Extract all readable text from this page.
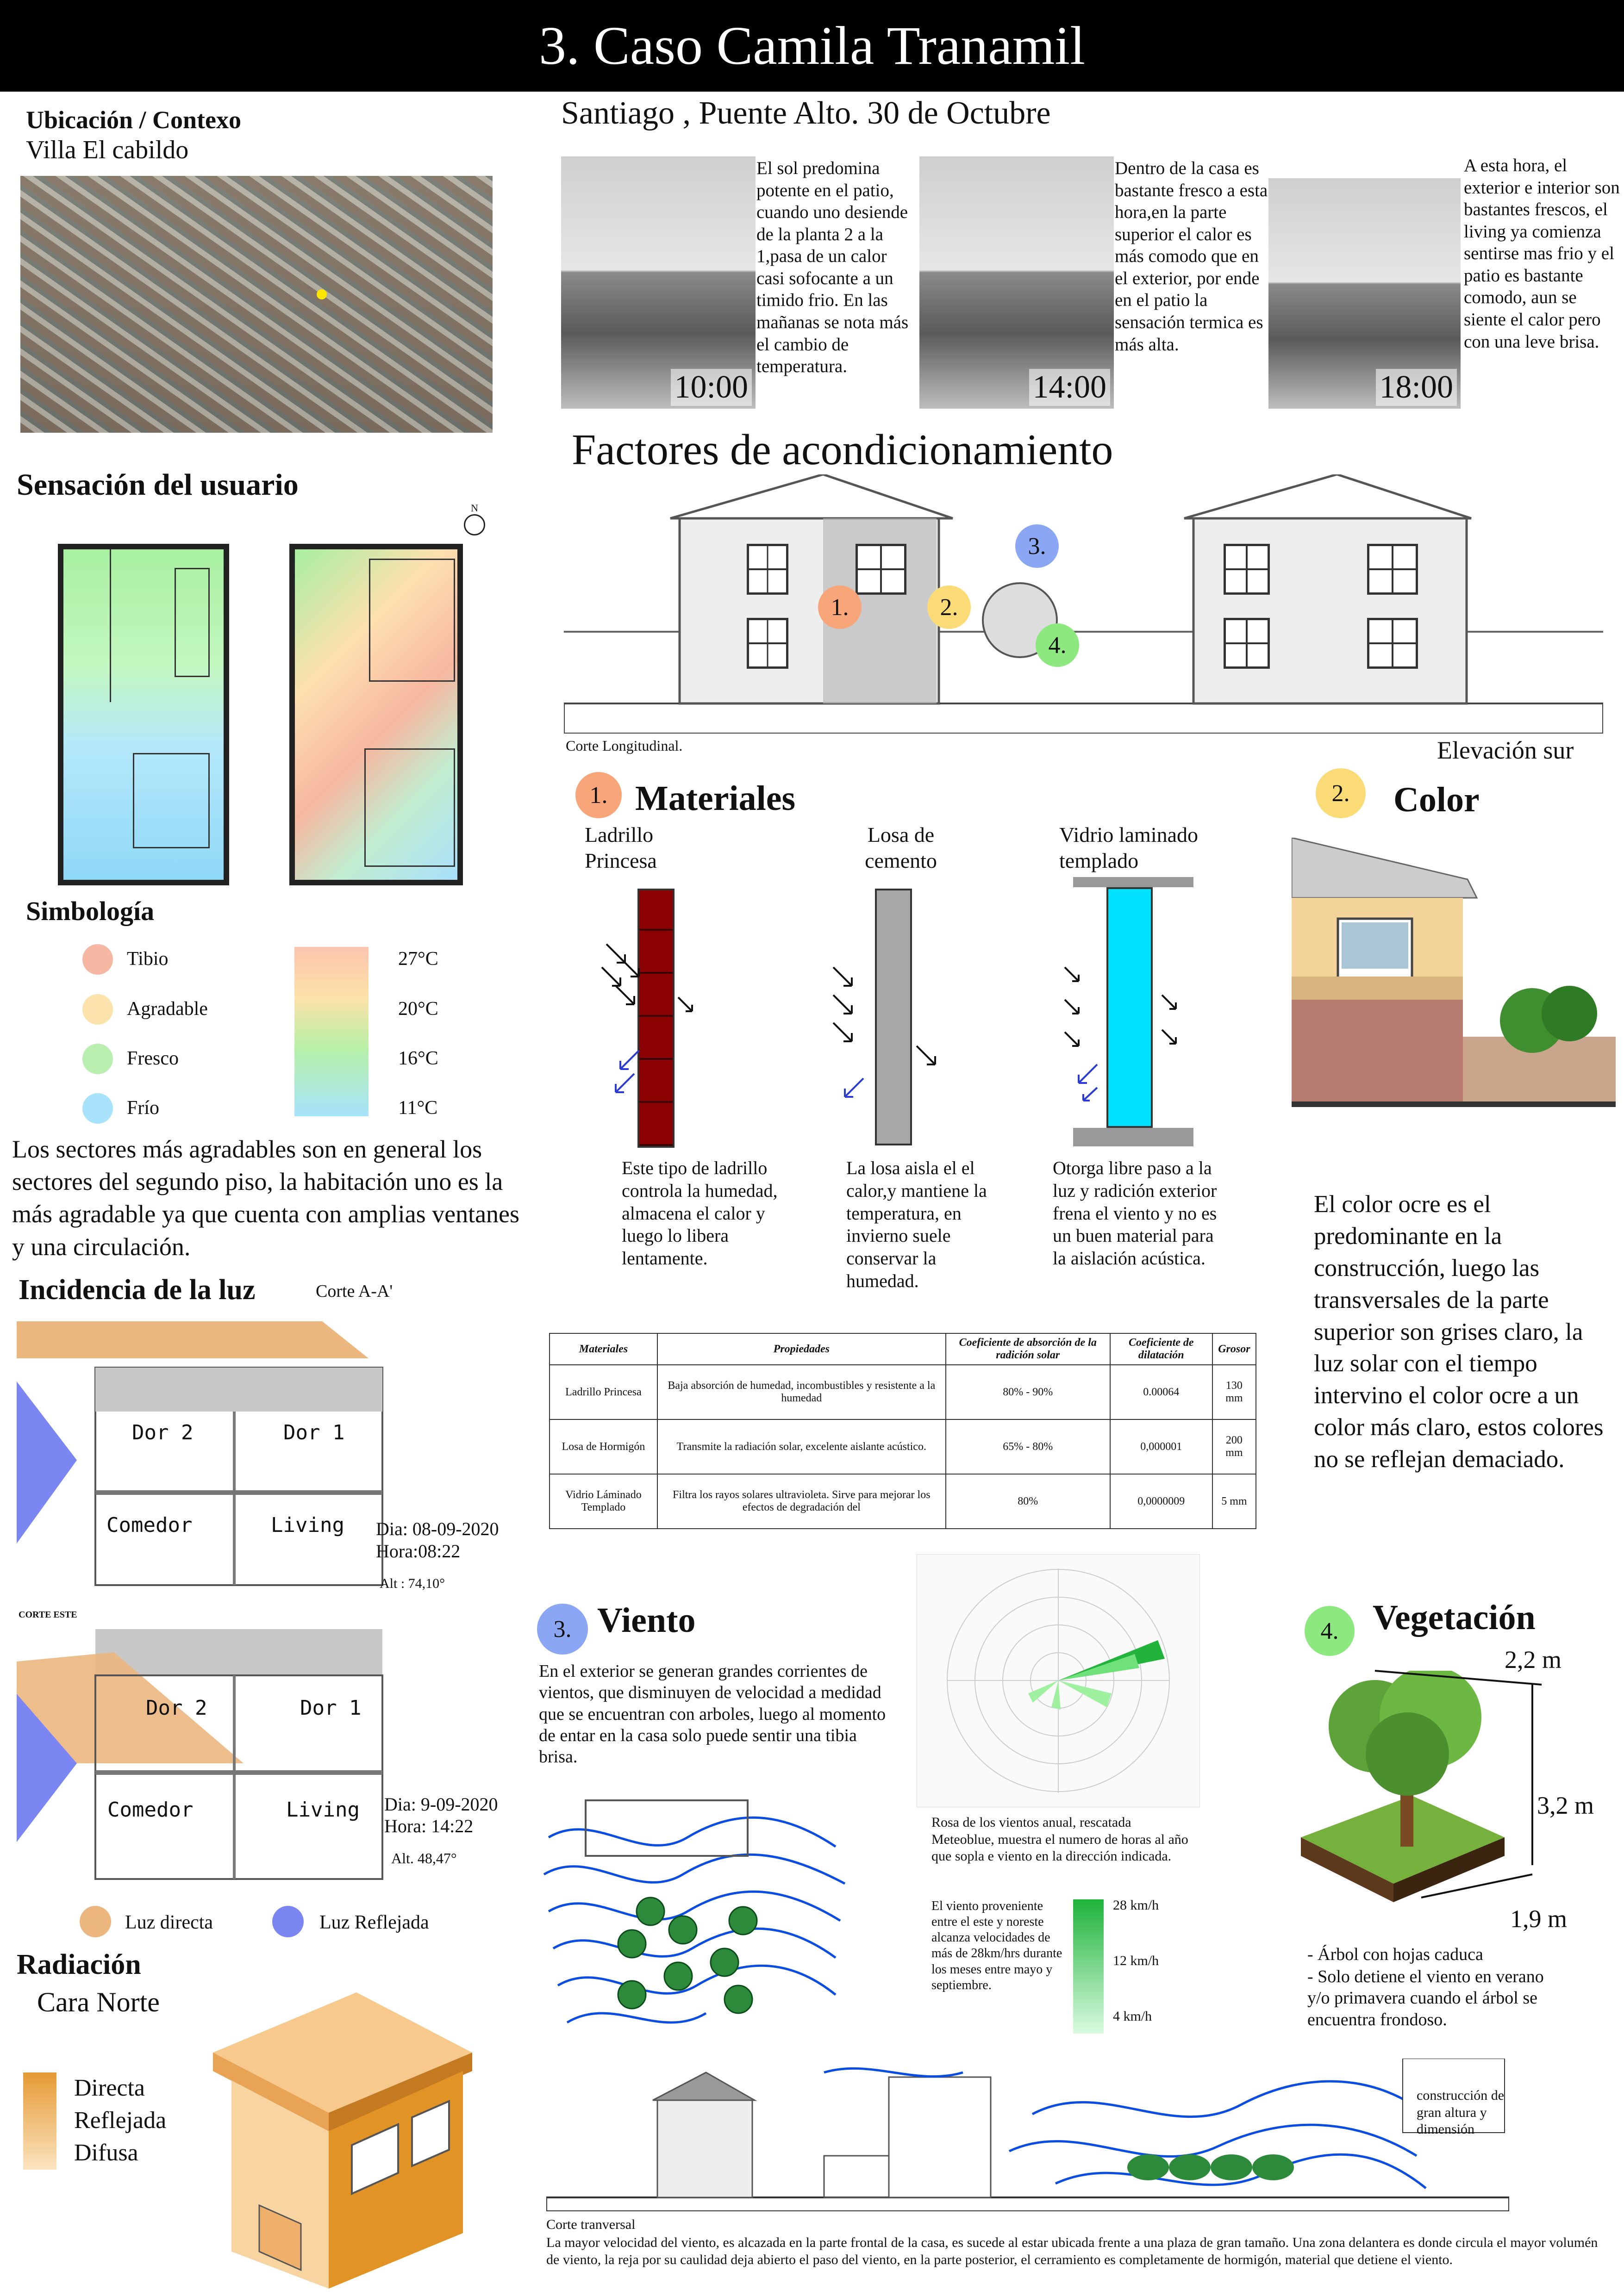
3. Caso Camila Tranamil
Ubicación / Contexo
Villa El cabildo
Santiago , Puente Alto. 30 de Octubre
10:00
El sol predomina potente en el patio, cuando uno desiende de la planta 2 a la 1,pasa de un calor casi sofocante a un timido frio. En las mañanas se nota más el cambio de temperatura.
14:00
Dentro de la casa es bastante fresco a esta hora,en la parte superior el calor es más comodo que en el exterior, por ende en el patio la sensación termica es más alta.
18:00
A esta hora, el exterior e interior son bastantes frescos, el living ya comienza sentirse mas frio y el patio es bastante comodo, aun se siente el calor pero con una leve brisa.
Sensación del usuario
N
Simbología
Tibio
Agradable
Fresco
Frío
27°C
20°C
16°C
11°C
Los sectores más agradables son en general los sectores del segundo piso, la habitación uno es la más agradable ya que cuenta con amplias ventanes y una circulación.
Incidencia de la luz	Corte A-A'
Dor 2	Dor 1
Comedor	Living Dia: 08-09-2020
Hora:08:22
Alt : 74,10°
CORTE ESTE
Dor 2	Dor 1
Comedor	Living Dia: 9-09-2020
Hora: 14:22
Alt. 48,47°
Luz directa	Luz Reflejada
Radiación
Cara Norte
Directa
Reflejada
Difusa
Factores de acondicionamiento
1.	2.
3.
4.
Corte Longitudinal.	Elevación sur
1. Materiales
Ladrillo Princesa
Losa de cemento
Vidrio laminado templado
Este tipo de ladrillo controla la humedad, almacena el calor y luego lo libera lentamente.
La losa aisla el el calor,y mantiene la temperatura, en invierno suele conservar la humedad.
Otorga libre paso a la luz y radición exterior frena el viento y no es un buen material para la aislación acústica.
Materiales	Propiedades	Coeficiente de absorción de la radición solar	Coeficiente de dilatación	Grosor
Ladrillo Princesa	Baja absorción de humedad, incombustibles y resistente a la humedad	80% - 90%	0.00064	130 mm
Losa de Hormigón	Transmite la radiación solar, excelente aislante acústico.	65% - 80%	0,000001	200 mm
Vidrio Láminado Templado	Filtra los rayos solares ultravioleta. Sirve para mejorar los efectos de degradación del	80%	0,0000009	5 mm
2.	Color
El color ocre es el predominante en la construcción, luego las transversales de la parte superior son grises claro, la luz solar con el tiempo intervino el color ocre a un color más claro, estos colores no se reflejan demaciado.
3. Viento
En el exterior se generan grandes corrientes de vientos, que disminuyen de velocidad a medidad que se encuentran con arboles, luego al momento de entar en la casa solo puede sentir una tibia brisa.
Rosa de los vientos anual, rescatada Meteoblue, muestra el numero de horas al año que sopla e viento en la dirección indicada.
El viento proveniente entre el este y noreste alcanza velocidades de más de 28km/hrs durante los meses entre mayo y septiembre.
28 km/h
12 km/h
4 km/h
construcción de gran altura y dimensión
Corte tranversal
La mayor velocidad del viento, es alcazada en la parte frontal de la casa, es sucede al estar ubicada frente a una plaza de gran tamaño. Una zona delantera es donde circula el mayor volumén de viento, la reja por su caulidad deja abierto el paso del viento, en la parte posterior, el cerramiento es completamente de hormigón, material que detiene el viento.
4. Vegetación
2,2 m
3,2 m
1,9 m
- Árbol con hojas caduca
- Solo detiene el viento en verano y/o primavera cuando el árbol se encuentra frondoso.
